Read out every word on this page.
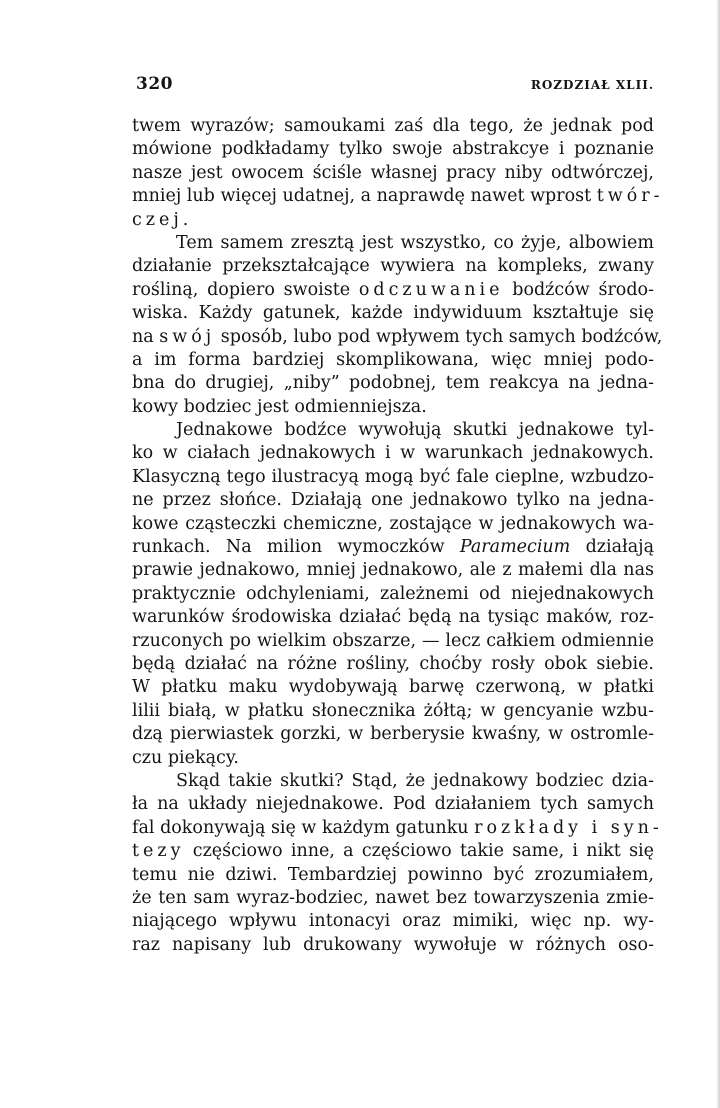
320	ROZDZIAŁ XLII.
twem wyrazów; samoukami zaś dla tego, że jednak pod
mówione podkładamy tylko swoje abstrakcye i poznanie
nasze jest owocem ściśle własnej pracy niby odtwórczej,
mniej lub więcej udatnej, a naprawdę nawet wprost twór-
czej.
Tem samem zresztą jest wszystko, co żyje, albowiem
działanie przekształcające wywiera na kompleks, zwany
rośliną, dopiero swoiste odczuwanie bodźców środo-
wiska. Każdy gatunek, każde indywiduum kształtuje się
na swój sposób, lubo pod wpływem tych samych bodźców,
a im forma bardziej skomplikowana, więc mniej podo-
bna do drugiej, „niby” podobnej, tem reakcya na jedna-
kowy bodziec jest odmienniejsza.
Jednakowe bodźce wywołują skutki jednakowe tyl-
ko w ciałach jednakowych i w warunkach jednakowych.
Klasyczną tego ilustracyą mogą być fale cieplne, wzbudzo-
ne przez słońce. Działają one jednakowo tylko na jedna-
kowe cząsteczki chemiczne, zostające w jednakowych wa-
runkach. Na milion wymoczków Paramecium działają
prawie jednakowo, mniej jednakowo, ale z małemi dla nas
praktycznie odchyleniami, zależnemi od niejednakowych
warunków środowiska działać będą na tysiąc maków, roz-
rzuconych po wielkim obszarze, — lecz całkiem odmiennie
będą działać na różne rośliny, choćby rosły obok siebie.
W płatku maku wydobywają barwę czerwoną, w płatki
lilii białą, w płatku słonecznika żółtą; w gencyanie wzbu-
dzą pierwiastek gorzki, w berberysie kwaśny, w ostromle-
czu piekący.
Skąd takie skutki? Stąd, że jednakowy bodziec dzia-
ła na układy niejednakowe. Pod działaniem tych samych
fal dokonywają się w każdym gatunku rozkłady i syn-
tezy częściowo inne, a częściowo takie same, i nikt się
temu nie dziwi. Tembardziej powinno być zrozumiałem,
że ten sam wyraz-bodziec, nawet bez towarzyszenia zmie-
niającego wpływu intonacyi oraz mimiki, więc np. wy-
raz napisany lub drukowany wywołuje w różnych oso-
